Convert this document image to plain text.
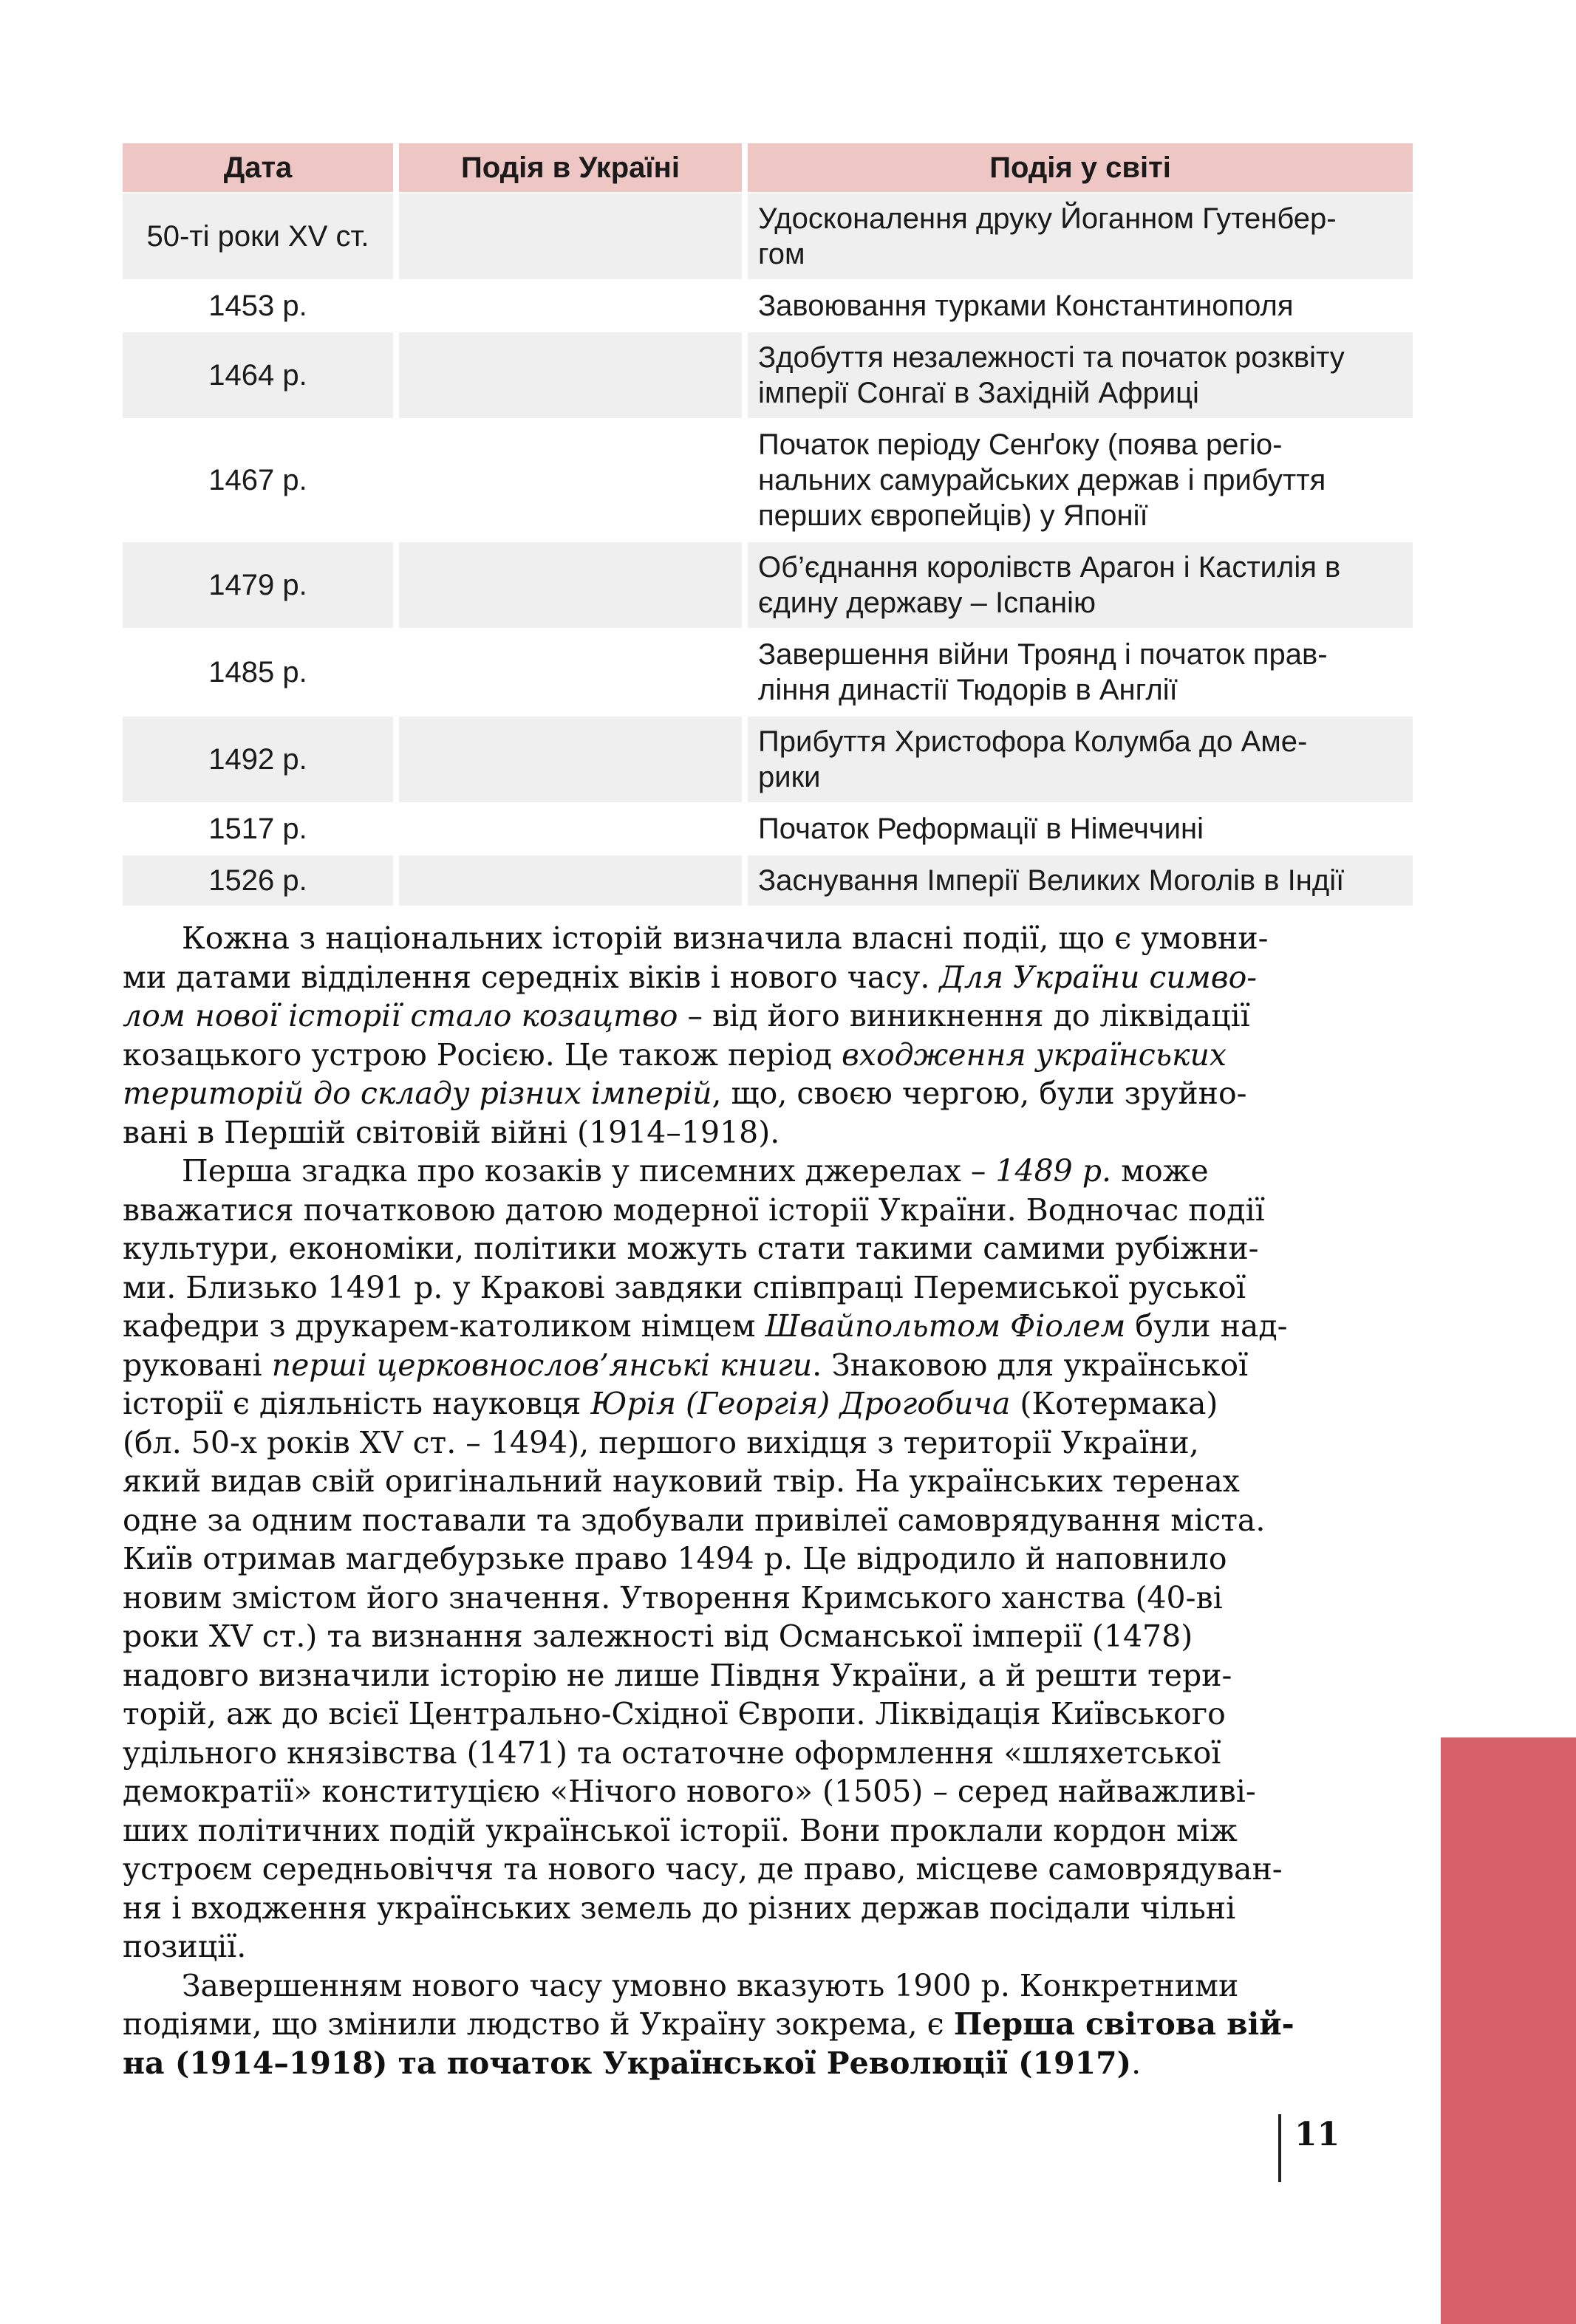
Дата	Подія в Україні	Подія у світі
50-ті роки XV ст.		Удосконалення друку Йоганном Гутенбер-
гом
1453 р.		Завоювання турками Константинополя
1464 р.		Здобуття незалежності та початок розквіту
імперії Сонгаї в Західній Африці
1467 р.		Початок періоду Сенґоку (поява регіо-
нальних самурайських держав і прибуття
перших європейців) у Японії
1479 р.		Об’єднання королівств Арагон і Кастилія в
єдину державу – Іспанію
1485 р.		Завершення війни Троянд і початок прав-
ління династії Тюдорів в Англії
1492 р.		Прибуття Христофора Колумба до Аме-
рики
1517 р.		Початок Реформації в Німеччині
1526 р.		Заснування Імперії Великих Моголів в Індії

Кожна з національних історій визначила власні події, що є умовни-
ми датами відділення середніх віків і нового часу. Для України симво-
лом нової історії стало козацтво – від його виникнення до ліквідації
козацького устрою Росією. Це також період входження українських
територій до складу різних імперій, що, своєю чергою, були зруйно-
вані в Першій світовій війні (1914–1918).

Перша згадка про козаків у писемних джерелах – 1489 р. може
вважатися початковою датою модерної історії України. Водночас події
культури, економіки, політики можуть стати такими самими рубіжни-
ми. Близько 1491 р. у Кракові завдяки співпраці Перемиської руської
кафедри з друкарем-католиком німцем Швайпольтом Фіолем були над-
руковані перші церковнослов’янські книги. Знаковою для української
історії є діяльність науковця Юрія (Георгія) Дрогобича (Котермака)
(бл. 50-х років XV ст. – 1494), першого вихідця з території України,
який видав свій оригінальний науковий твір. На українських теренах
одне за одним поставали та здобували привілеї самоврядування міста.
Київ отримав магдебурзьке право 1494 р. Це відродило й наповнило
новим змістом його значення. Утворення Кримського ханства (40-ві
роки XV ст.) та визнання залежності від Османської імперії (1478)
надовго визначили історію не лише Півдня України, а й решти тери-
торій, аж до всієї Центрально-Східної Європи. Ліквідація Київського
удільного князівства (1471) та остаточне оформлення «шляхетської
демократії» конституцією «Нічого нового» (1505) – серед найважливі-
ших політичних подій української історії. Вони проклали кордон між
устроєм середньовіччя та нового часу, де право, місцеве самоврядуван-
ня і входження українських земель до різних держав посідали чільні
позиції.

Завершенням нового часу умовно вказують 1900 р. Конкретними
подіями, що змінили людство й Україну зокрема, є Перша світова вій-
на (1914–1918) та початок Української Революції (1917).

11
